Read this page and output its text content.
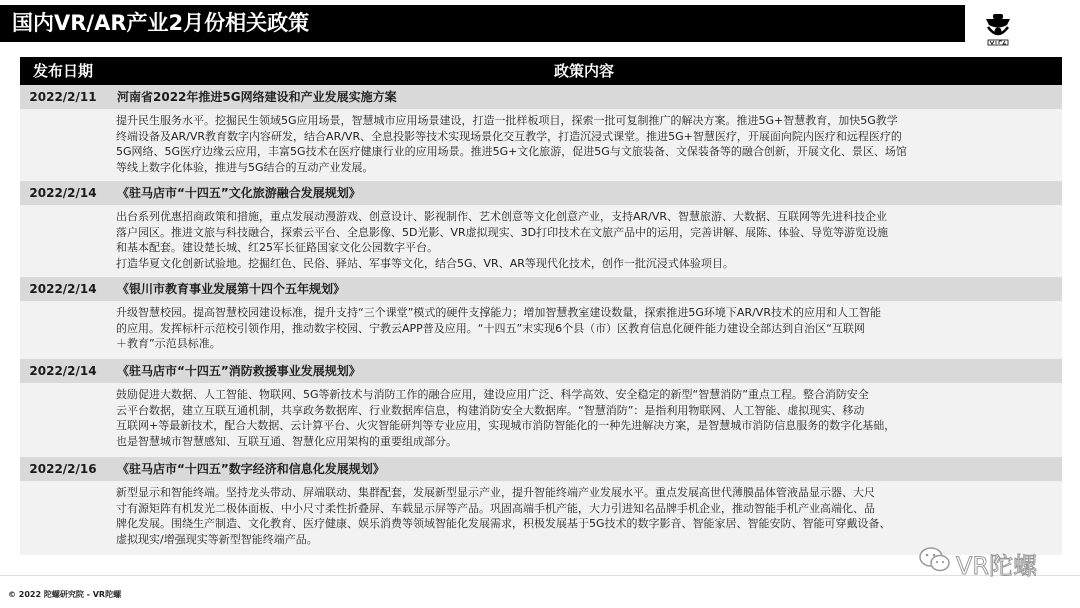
国内VR/AR产业2月份相关政策
发布日期	政策内容
2022/2/11	河南省2022年推进5G网络建设和产业发展实施方案

提升民生服务水平。挖掘民生领域5G应用场景，智慧城市应用场景建设，打造一批样板项目，探索一批可复制推广的解决方案。推进5G+智慧教育，加快5G教学

终端设备及AR/VR教育数字内容研发，结合AR/VR、全息投影等技术实现场景化交互教学，打造沉浸式课堂。推进5G+智慧医疗，开展面向院内医疗和远程医疗的

5G网络、5G医疗边缘云应用，丰富5G技术在医疗健康行业的应用场景。推进5G+文化旅游，促进5G与文旅装备、文保装备等的融合创新，开展文化、景区、场馆

等线上数字化体验，推进与5G结合的互动产业发展。

2022/2/14	《驻马店市“十四五”文化旅游融合发展规划》

出台系列优惠招商政策和措施，重点发展动漫游戏、创意设计、影视制作、艺术创意等文化创意产业，支持AR/VR、智慧旅游、大数据、互联网等先进科技企业

落户园区。推进文旅与科技融合，探索云平台、全息影像、5D光影、VR虚拟现实、3D打印技术在文旅产品中的运用，完善讲解、展陈、体验、导览等游览设施

和基本配套。建设楚长城、红25军长征路国家文化公园数字平台。

打造华夏文化创新试验地。挖掘红色、民俗、驿站、军事等文化，结合5G、VR、AR等现代化技术，创作一批沉浸式体验项目。

2022/2/14	《银川市教育事业发展第十四个五年规划》

升级智慧校园。提高智慧校园建设标准，提升支持“三个课堂”模式的硬件支撑能力；增加智慧教室建设数量，探索推进5G环境下AR/VR技术的应用和人工智能

的应用。发挥标杆示范校引领作用，推动数字校园、宁教云APP普及应用。“十四五”末实现6个县（市）区教育信息化硬件能力建设全部达到自治区“互联网

＋教育”示范县标准。

2022/2/14	《驻马店市“十四五”消防救援事业发展规划》

鼓励促进大数据、人工智能、物联网、5G等新技术与消防工作的融合应用，建设应用广泛、科学高效、安全稳定的新型“智慧消防”重点工程。整合消防安全

云平台数据，建立互联互通机制，共享政务数据库、行业数据库信息，构建消防安全大数据库。“智慧消防”：是指利用物联网、人工智能、虚拟现实、移动

互联网+等最新技术，配合大数据、云计算平台、火灾智能研判等专业应用，实现城市消防智能化的一种先进解决方案，是智慧城市消防信息服务的数字化基础，

也是智慧城市智慧感知、互联互通、智慧化应用架构的重要组成部分。

2022/2/16	《驻马店市“十四五”数字经济和信息化发展规划》

新型显示和智能终端。坚持龙头带动、屏端联动、集群配套，发展新型显示产业，提升智能终端产业发展水平。重点发展高世代薄膜晶体管液晶显示器、大尺

寸有源矩阵有机发光二极体面板、中小尺寸柔性折叠屏、车载显示屏等产品。巩固高端手机产能，大力引进知名品牌手机企业，推动智能手机产业高端化、品

牌化发展。围绕生产制造、文化教育、医疗健康、娱乐消费等领域智能化发展需求，积极发展基于5G技术的数字影音、智能家居、智能安防、智能可穿戴设备、

虚拟现实/增强现实等新型智能终端产品。

© 2022 陀螺研究院 - VR陀螺
VR陀螺
